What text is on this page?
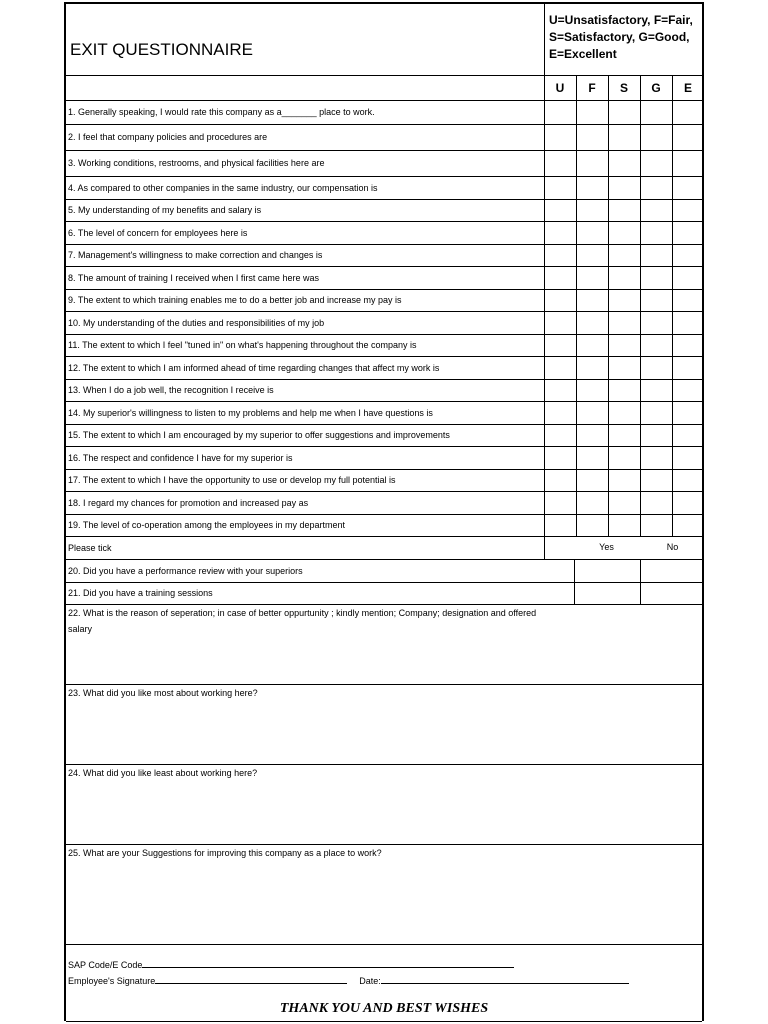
EXIT QUESTIONNAIRE
U=Unsatisfactory, F=Fair,
S=Satisfactory, G=Good,
E=Excellent
U	F	S	G	E
1. Generally speaking, I would rate this company as a_______ place to work.
2. I feel that company policies and procedures are
3. Working conditions, restrooms, and physical facilities here are
4. As compared to other companies in the same industry, our compensation is
5. My understanding of my benefits and salary is
6. The level of concern for employees here is
7. Management's willingness to make correction and changes is
8. The amount of training I received when I first came here was
9. The extent to which training enables me to do a better job and increase my pay is
10. My understanding of the duties and responsibilities of my job
11. The extent to which I feel "tuned in" on what's happening throughout the company is
12. The extent to which I am informed ahead of time regarding changes that affect my work is
13. When I do a job well, the recognition I receive is
14. My superior's willingness to listen to my problems and help me when I have questions is
15. The extent to which I am encouraged by my superior to offer suggestions and improvements
16. The respect and confidence I have for my superior is
17. The extent to which I have the opportunity to use or develop my full potential is
18. I regard my chances for promotion and increased pay as
19. The level of co-operation among the employees in my department
Please tick	Yes	No
20. Did you have a performance review with your superiors
21. Did you have a training sessions
22. What is the reason of seperation; in case of better oppurtunity ; kindly mention; Company; designation and offered salary
23. What did you like most about working here?
24. What did you like least about working here?
25. What are your Suggestions for improving this company as a place to work?
SAP Code/E Code
Employee's Signature	Date:
THANK YOU AND BEST WISHES
